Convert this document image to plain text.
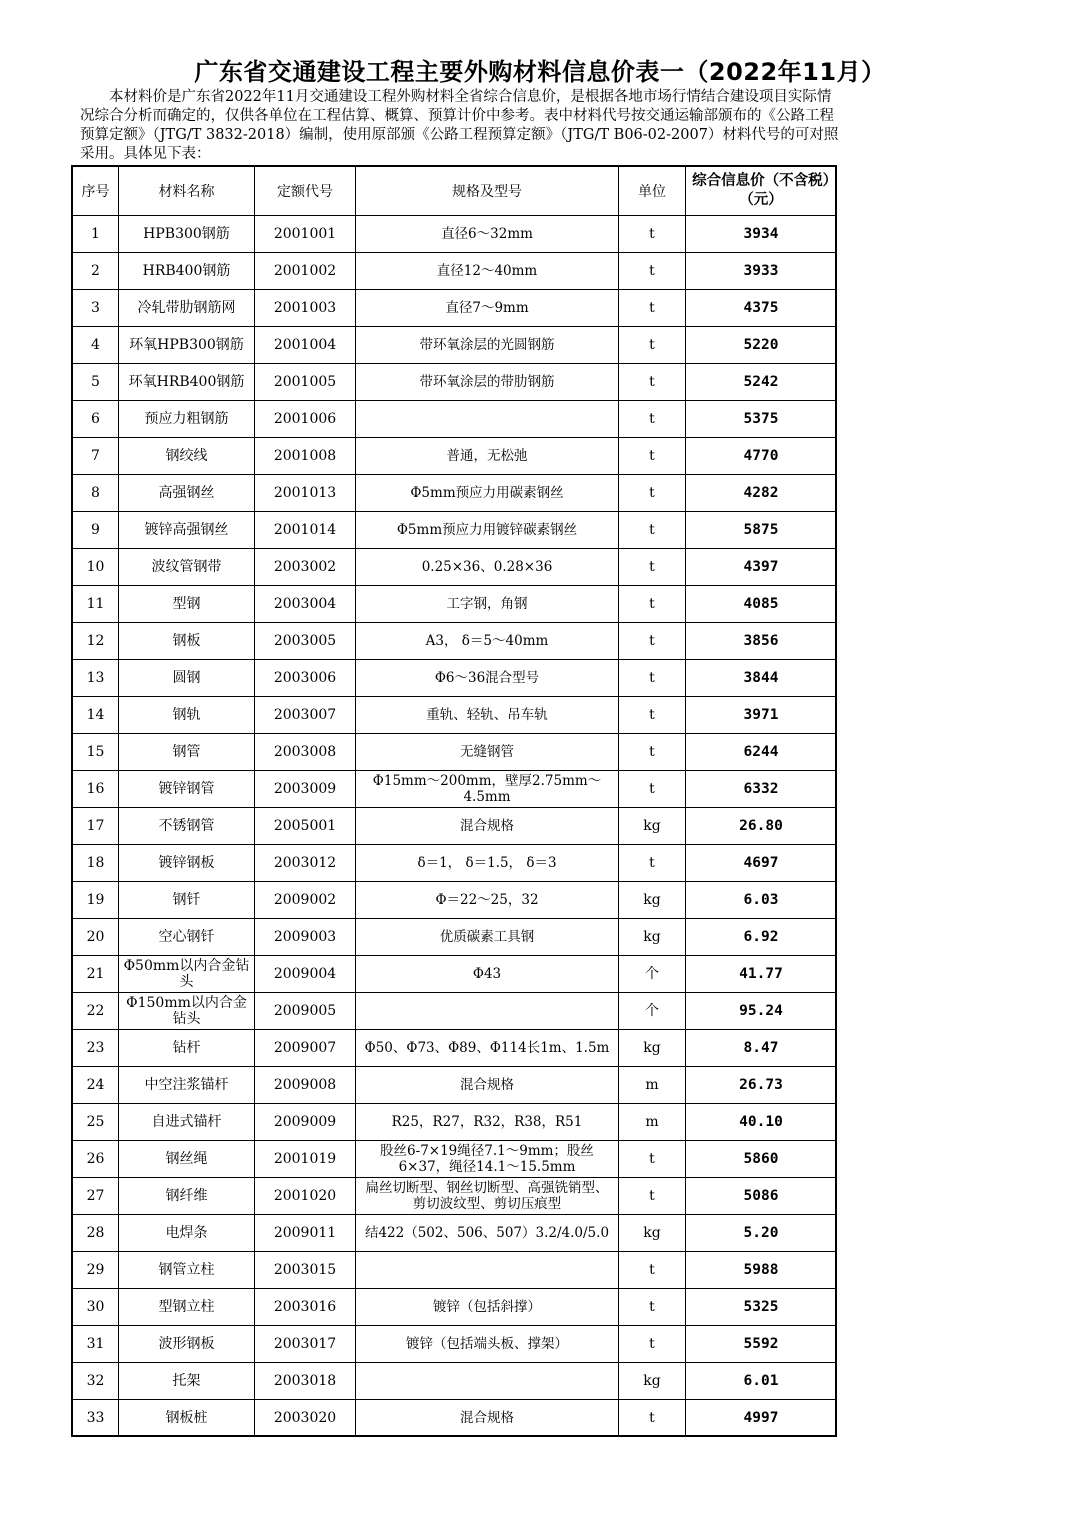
广东省交通建设工程主要外购材料信息价表一（2022年11月）

本材料价是广东省2022年11月交通建设工程外购材料全省综合信息价，是根据各地市场行情结合建设项目实际情况综合分析而确定的，仅供各单位在工程估算、概算、预算计价中参考。表中材料代号按交通运输部颁布的《公路工程预算定额》（JTG/T 3832-2018）编制，使用原部颁《公路工程预算定额》（JTG/T B06-02-2007）材料代号的可对照采用。具体见下表：

序号	材料名称	定额代号	规格及型号	单位	综合信息价（不含税）（元）
1	HPB300钢筋	2001001	直径6～32mm	t	3934
2	HRB400钢筋	2001002	直径12～40mm	t	3933
3	冷轧带肋钢筋网	2001003	直径7～9mm	t	4375
4	环氧HPB300钢筋	2001004	带环氧涂层的光圆钢筋	t	5220
5	环氧HRB400钢筋	2001005	带环氧涂层的带肋钢筋	t	5242
6	预应力粗钢筋	2001006		t	5375
7	钢绞线	2001008	普通，无松弛	t	4770
8	高强钢丝	2001013	Φ5mm预应力用碳素钢丝	t	4282
9	镀锌高强钢丝	2001014	Φ5mm预应力用镀锌碳素钢丝	t	5875
10	波纹管钢带	2003002	0.25×36、0.28×36	t	4397
11	型钢	2003004	工字钢，角钢	t	4085
12	钢板	2003005	A3， δ＝5～40mm	t	3856
13	圆钢	2003006	Φ6～36混合型号	t	3844
14	钢轨	2003007	重轨、轻轨、吊车轨	t	3971
15	钢管	2003008	无缝钢管	t	6244
16	镀锌钢管	2003009	Φ15mm～200mm，壁厚2.75mm～4.5mm	t	6332
17	不锈钢管	2005001	混合规格	kg	26.80
18	镀锌钢板	2003012	δ＝1， δ＝1.5， δ＝3	t	4697
19	钢钎	2009002	Φ＝22～25，32	kg	6.03
20	空心钢钎	2009003	优质碳素工具钢	kg	6.92
21	Φ50mm以内合金钻头	2009004	Φ43	个	41.77
22	Φ150mm以内合金钻头	2009005		个	95.24
23	钻杆	2009007	Φ50、Φ73、Φ89、Φ114长1m、1.5m	kg	8.47
24	中空注浆锚杆	2009008	混合规格	m	26.73
25	自进式锚杆	2009009	R25，R27，R32，R38，R51	m	40.10
26	钢丝绳	2001019	股丝6-7×19绳径7.1～9mm；股丝6×37，绳径14.1～15.5mm	t	5860
27	钢纤维	2001020	扁丝切断型、钢丝切断型、高强铣销型、剪切波纹型、剪切压痕型	t	5086
28	电焊条	2009011	结422（502、506、507）3.2/4.0/5.0	kg	5.20
29	钢管立柱	2003015		t	5988
30	型钢立柱	2003016	镀锌（包括斜撑）	t	5325
31	波形钢板	2003017	镀锌（包括端头板、撑架）	t	5592
32	托架	2003018		kg	6.01
33	钢板桩	2003020	混合规格	t	4997
